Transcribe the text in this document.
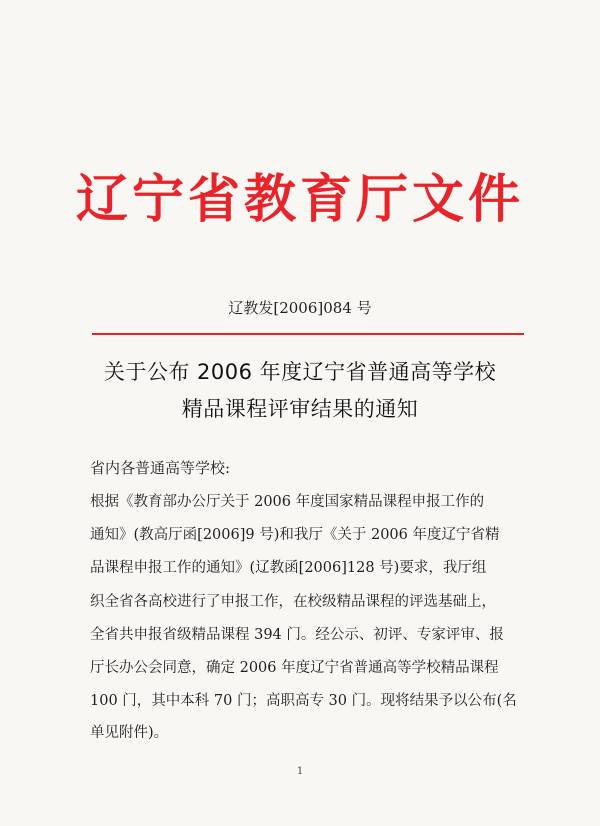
辽宁省教育厅文件
辽教发[2006]084 号
关于公布 2006 年度辽宁省普通高等学校
精品课程评审结果的通知
省内各普通高等学校:
根据《教育部办公厅关于 2006 年度国家精品课程申报工作的
通知》(教高厅函[2006]9 号)和我厅《关于 2006 年度辽宁省精
品课程申报工作的通知》(辽教函[2006]128 号)要求，我厅组
织全省各高校进行了申报工作，在校级精品课程的评选基础上，
全省共申报省级精品课程 394 门。经公示、初评、专家评审、报
厅长办公会同意，确定 2006 年度辽宁省普通高等学校精品课程
100 门，其中本科 70 门；高职高专 30 门。现将结果予以公布(名
单见附件)。
1
